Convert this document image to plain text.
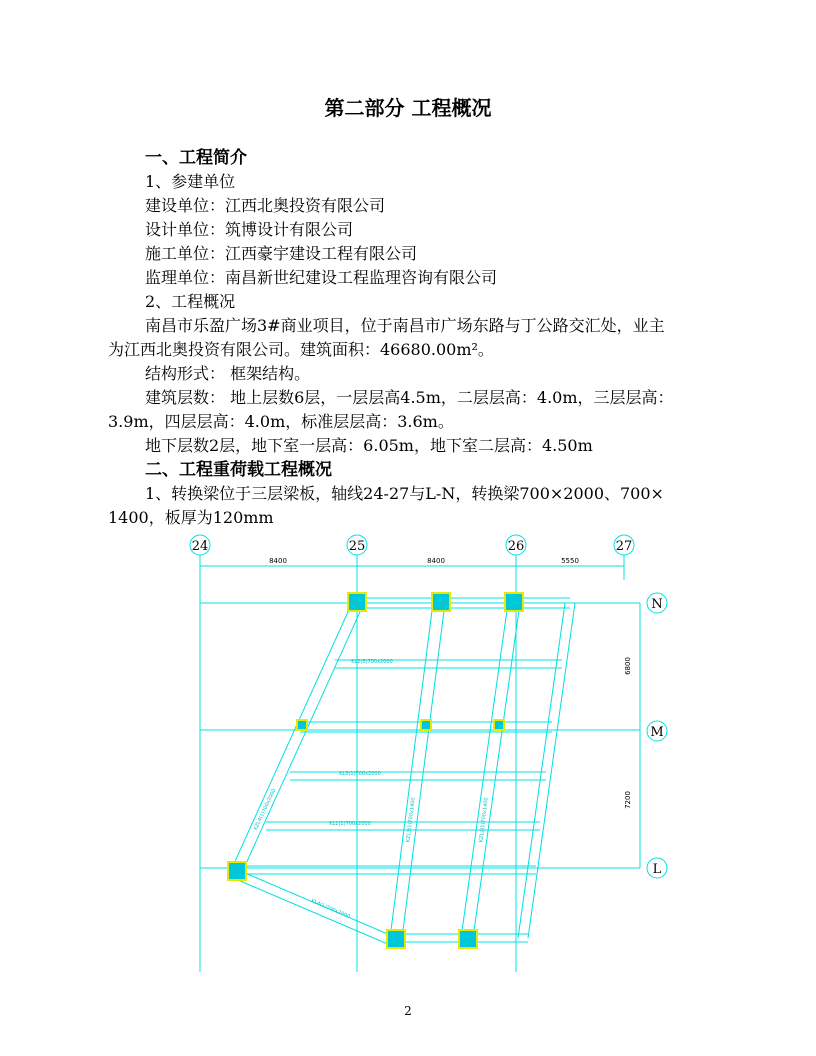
第二部分 工程概况
一、工程简介
1、参建单位
建设单位：江西北奥投资有限公司
设计单位：筑博设计有限公司
施工单位：江西豪宇建设工程有限公司
监理单位：南昌新世纪建设工程监理咨询有限公司
2、工程概况
南昌市乐盈广场3#商业项目，位于南昌市广场东路与丁公路交汇处，业主
为江西北奥投资有限公司。建筑面积：46680.00m²。
结构形式： 框架结构。
建筑层数： 地上层数6层，一层层高4.5m，二层层高：4.0m，三层层高：
3.9m，四层层高：4.0m，标准层层高：3.6m。
地下层数2层，地下室一层高：6.05m，地下室二层高：4.50m
二、工程重荷载工程概况
1、转换梁位于三层梁板，轴线24-27与L-N，转换梁700×2000、700×
1400，板厚为120mm
24	25	26	27
N
M
L
8400	8400	5550
6800
7200
KL2(5)700x2000
KL3(1)700x2000
KL1(1)700x2000
KZL4(1)700x2000	KZL3(1)700x1400	KZL2(1)700x1400
KL4(1)700x2000
2
